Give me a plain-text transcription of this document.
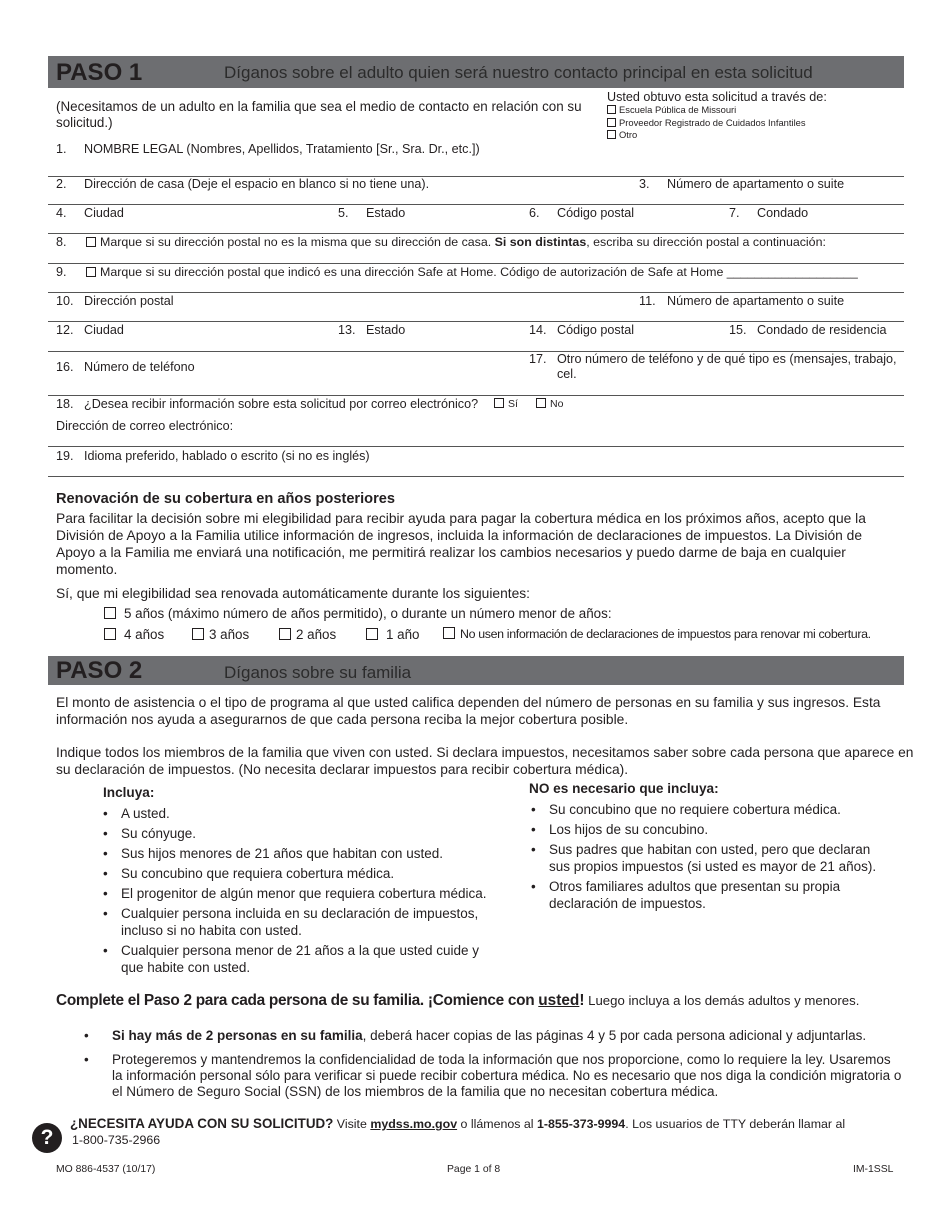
PASO 1	Díganos sobre el adulto quien será nuestro contacto principal en esta solicitud
(Necesitamos de un adulto en la familia que sea el medio de contacto en relación con su solicitud.)
Usted obtuvo esta solicitud a través de:
Escuela Pública de Missouri
Proveedor Registrado de Cuidados Infantiles
Otro
1. NOMBRE LEGAL (Nombres, Apellidos, Tratamiento [Sr., Sra. Dr., etc.])
2. Dirección de casa (Deje el espacio en blanco si no tiene una).	3. Número de apartamento o suite
4. Ciudad	5. Estado	6. Código postal	7. Condado
8.	Marque si su dirección postal no es la misma que su dirección de casa. Si son distintas, escriba su dirección postal a continuación:
9.	Marque si su dirección postal que indicó es una dirección Safe at Home. Código de autorización de Safe at Home ___________________
10. Dirección postal	11. Número de apartamento o suite
12. Ciudad	13. Estado	14. Código postal	15. Condado de residencia
16. Número de teléfono
17. Otro número de teléfono y de qué tipo es (mensajes, trabajo, cel.
18. ¿Desea recibir información sobre esta solicitud por correo electrónico?	Sí	No
Dirección de correo electrónico:
19. Idioma preferido, hablado o escrito (si no es inglés)
Renovación de su cobertura en años posteriores
Para facilitar la decisión sobre mi elegibilidad para recibir ayuda para pagar la cobertura médica en los próximos años, acepto que la División de Apoyo a la Familia utilice información de ingresos, incluida la información de declaraciones de impuestos. La División de Apoyo a la Familia me enviará una notificación, me permitirá realizar los cambios necesarios y puedo darme de baja en cualquier momento.
Sí, que mi elegibilidad sea renovada automáticamente durante los siguientes:
5 años (máximo número de años permitido), o durante un número menor de años:
4 años	3 años	2 años	1 año	No usen información de declaraciones de impuestos para renovar mi cobertura.
PASO 2	Díganos sobre su familia
El monto de asistencia o el tipo de programa al que usted califica dependen del número de personas en su familia y sus ingresos. Esta información nos ayuda a asegurarnos de que cada persona reciba la mejor cobertura posible.
Indique todos los miembros de la familia que viven con usted. Si declara impuestos, necesitamos saber sobre cada persona que aparece en su declaración de impuestos. (No necesita declarar impuestos para recibir cobertura médica).
Incluya:
• A usted.
• Su cónyuge.
• Sus hijos menores de 21 años que habitan con usted.
• Su concubino que requiera cobertura médica.
• El progenitor de algún menor que requiera cobertura médica.
• Cualquier persona incluida en su declaración de impuestos, incluso si no habita con usted.
• Cualquier persona menor de 21 años a la que usted cuide y que habite con usted.
NO es necesario que incluya:
• Su concubino que no requiere cobertura médica.
• Los hijos de su concubino.
• Sus padres que habitan con usted, pero que declaran sus propios impuestos (si usted es mayor de 21 años).
• Otros familiares adultos que presentan su propia declaración de impuestos.
Complete el Paso 2 para cada persona de su familia. ¡Comience con usted! Luego incluya a los demás adultos y menores.
•	Si hay más de 2 personas en su familia, deberá hacer copias de las páginas 4 y 5 por cada persona adicional y adjuntarlas.
•	Protegeremos y mantendremos la confidencialidad de toda la información que nos proporcione, como lo requiere la ley. Usaremos la información personal sólo para verificar si puede recibir cobertura médica. No es necesario que nos diga la condición migratoria o el Número de Seguro Social (SSN) de los miembros de la familia que no necesitan cobertura médica.
?
¿NECESITA AYUDA CON SU SOLICITUD? Visite mydss.mo.gov o llámenos al 1-855-373-9994. Los usuarios de TTY deberán llamar al
1-800-735-2966
MO 886-4537 (10/17)	Page 1 of 8	IM-1SSL
